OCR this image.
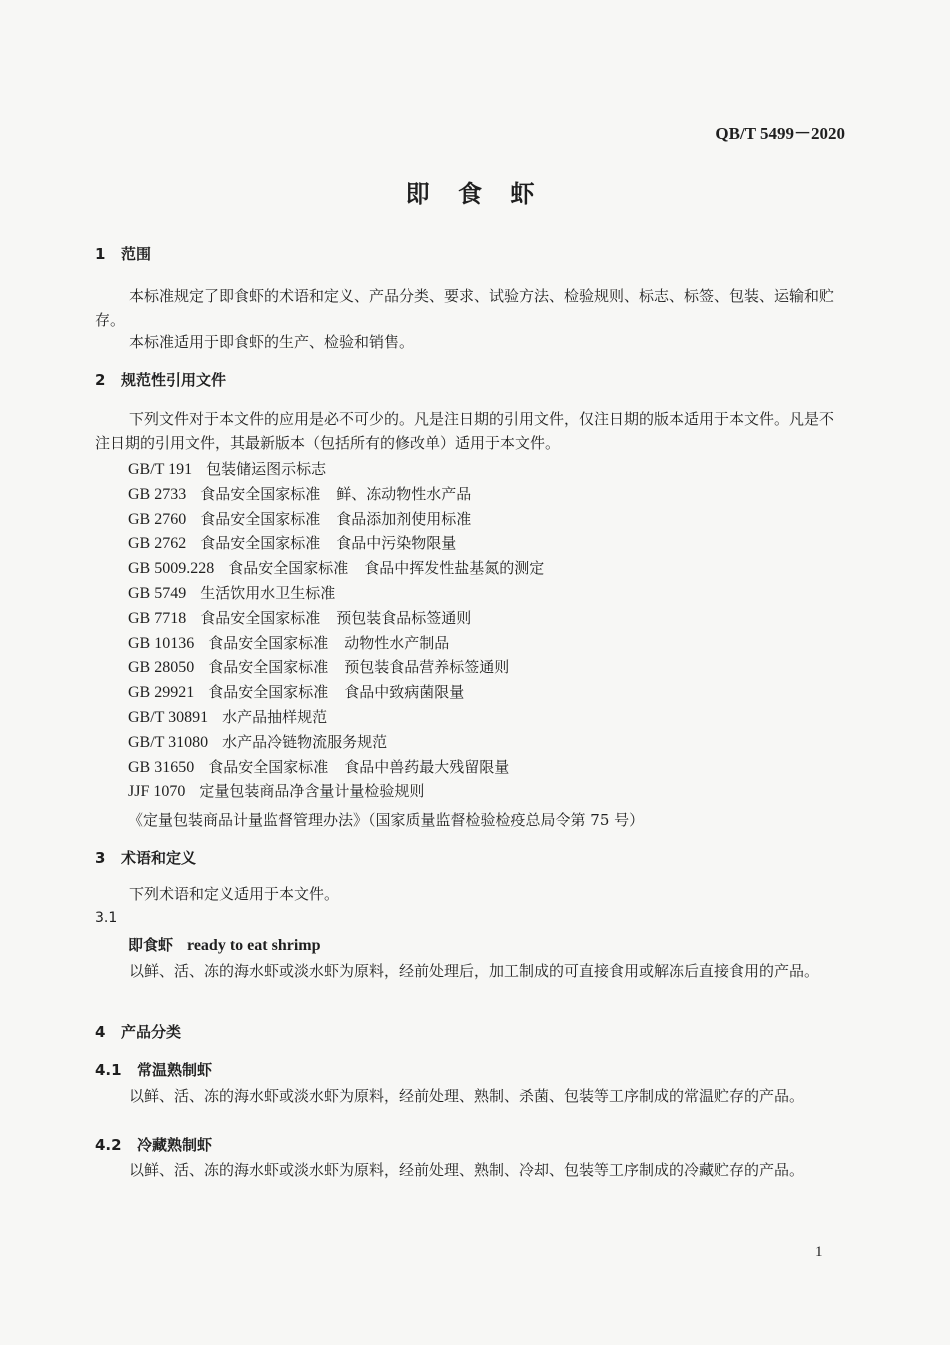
QB/T 5499－2020
即 食 虾
1 范围
本标准规定了即食虾的术语和定义、产品分类、要求、试验方法、检验规则、标志、标签、包装、运输和贮存。
本标准适用于即食虾的生产、检验和销售。
2 规范性引用文件
下列文件对于本文件的应用是必不可少的。凡是注日期的引用文件，仅注日期的版本适用于本文件。凡是不注日期的引用文件，其最新版本（包括所有的修改单）适用于本文件。
GB/T 191 包装储运图示标志
GB 2733 食品安全国家标准 鲜、冻动物性水产品
GB 2760 食品安全国家标准 食品添加剂使用标准
GB 2762 食品安全国家标准 食品中污染物限量
GB 5009.228 食品安全国家标准 食品中挥发性盐基氮的测定
GB 5749 生活饮用水卫生标准
GB 7718 食品安全国家标准 预包装食品标签通则
GB 10136 食品安全国家标准 动物性水产制品
GB 28050 食品安全国家标准 预包装食品营养标签通则
GB 29921 食品安全国家标准 食品中致病菌限量
GB/T 30891 水产品抽样规范
GB/T 31080 水产品冷链物流服务规范
GB 31650 食品安全国家标准 食品中兽药最大残留限量
JJF 1070 定量包装商品净含量计量检验规则
《定量包装商品计量监督管理办法》（国家质量监督检验检疫总局令第 75 号）
3 术语和定义
下列术语和定义适用于本文件。
3.1
即食虾 ready to eat shrimp
以鲜、活、冻的海水虾或淡水虾为原料，经前处理后，加工制成的可直接食用或解冻后直接食用的产品。
4 产品分类
4.1 常温熟制虾
以鲜、活、冻的海水虾或淡水虾为原料，经前处理、熟制、杀菌、包装等工序制成的常温贮存的产品。
4.2 冷藏熟制虾
以鲜、活、冻的海水虾或淡水虾为原料，经前处理、熟制、冷却、包装等工序制成的冷藏贮存的产品。
1
